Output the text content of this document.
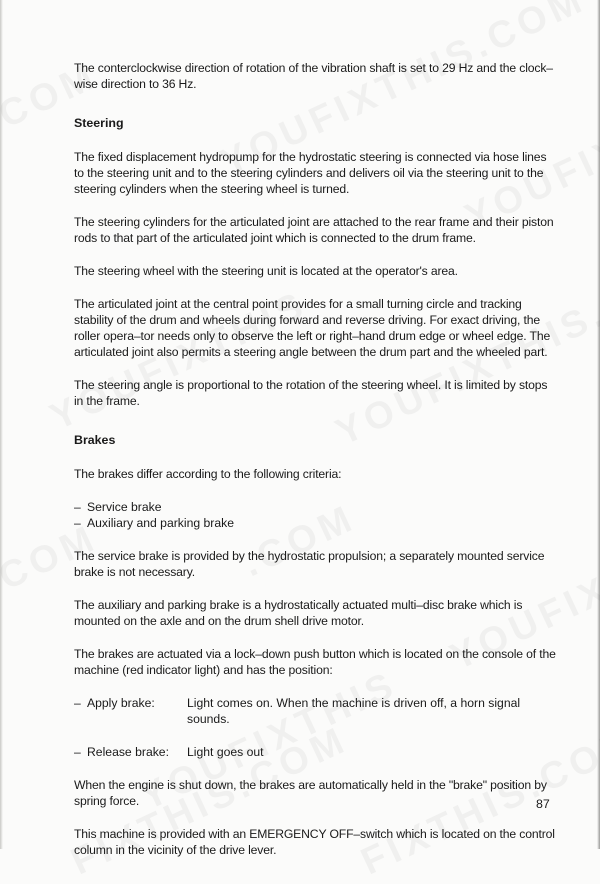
The conterclockwise direction of rotation of the vibration shaft is set to 29 Hz and the clock–wise direction to 36 Hz.

Steering

The fixed displacement hydropump for the hydrostatic steering is connected via hose lines to the steering unit and to the steering cylinders and delivers oil via the steering unit to the steering cylinders when the steering wheel is turned.

The steering cylinders for the articulated joint are attached to the rear frame and their piston rods to that part of the articulated joint which is connected to the drum frame.

The steering wheel with the steering unit is located at the operator's area.

The articulated joint at the central point provides for a small turning circle and tracking stability of the drum and wheels during forward and reverse driving. For exact driving, the roller opera–tor needs only to observe the left or right–hand drum edge or wheel edge. The articulated joint also permits a steering angle between the drum part and the wheeled part.

The steering angle is proportional to the rotation of the steering wheel. It is limited by stops in the frame.

Brakes

The brakes differ according to the following criteria:

– Service brake
– Auxiliary and parking brake

The service brake is provided by the hydrostatic propulsion; a separately mounted service brake is not necessary.

The auxiliary and parking brake is a hydrostatically actuated multi–disc brake which is mounted on the axle and on the drum shell drive motor.

The brakes are actuated via a lock–down push button which is located on the console of the machine (red indicator light) and has the position:

– Apply brake:	Light comes on. When the machine is driven off, a horn signal sounds.
– Release brake: Light goes out

When the engine is shut down, the brakes are automatically held in the "brake" position by spring force.

This machine is provided with an EMERGENCY OFF–switch which is located on the control column in the vicinity of the drive lever.

87
